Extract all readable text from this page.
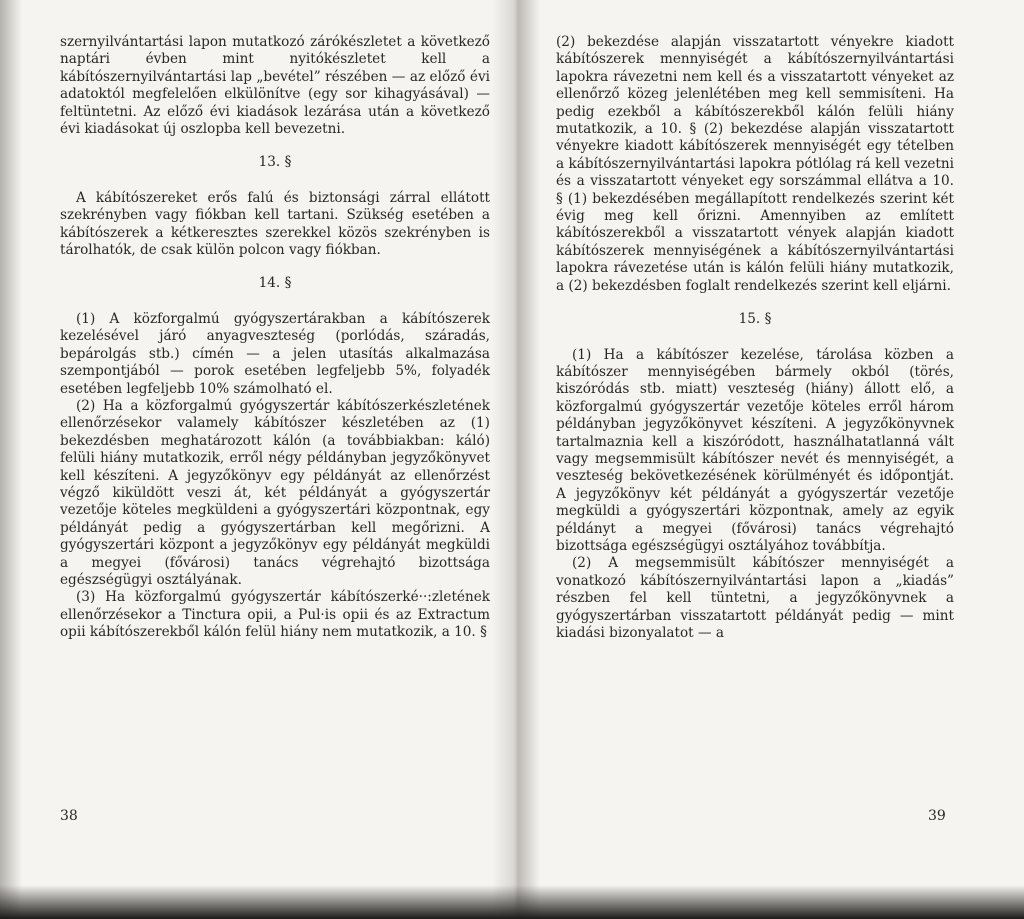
szernyilvántartási lapon mutatkozó zárókészletet a következő naptári évben mint nyitókészletet kell a kábítószernyilvántartási lap „bevétel” részében — az előző évi adatoktól megfelelően elkülönítve (egy sor kihagyásával) — feltüntetni. Az előző évi kiadások lezárása után a következő évi kiadásokat új oszlopba kell bevezetni.

13. §

A kábítószereket erős falú és biztonsági zárral ellátott szekrényben vagy fiókban kell tartani. Szükség esetében a kábítószerek a kétkeresztes szerekkel közös szekrényben is tárolhatók, de csak külön polcon vagy fiókban.

14. §

(1) A közforgalmú gyógyszertárakban a kábítószerek kezelésével járó anyagveszteség (porlódás, száradás, bepárolgás stb.) címén — a jelen utasítás alkalmazása szempontjából — porok esetében legfeljebb 5%, folyadék esetében legfeljebb 10% számolható el.

(2) Ha a közforgalmú gyógyszertár kábítószerkészletének ellenőrzésekor valamely kábítószer készletében az (1) bekezdésben meghatározott kálón (a továbbiakban: káló) felüli hiány mutatkozik, erről négy példányban jegyzőkönyvet kell készíteni. A jegyzőkönyv egy példányát az ellenőrzést végző kiküldött veszi át, két példányát a gyógyszertár vezetője köteles megküldeni a gyógyszertári központnak, egy példányát pedig a gyógyszertárban kell megőrizni. A gyógyszertári központ a jegyzőkönyv egy példányát megküldi a megyei (fővárosi) tanács végrehajtó bizottsága egészségügyi osztályának.

(3) Ha közforgalmú gyógyszertár kábítószerké··:zletének ellenőrzésekor a Tinctura opii, a Pul·is opii és az Extractum opii kábítószerekből kálón felül hiány nem mutatkozik, a 10. §

(2) bekezdése alapján visszatartott vényekre kiadott kábítószerek mennyiségét a kábítószernyilvántartási lapokra rávezetni nem kell és a visszatartott vényeket az ellenőrző közeg jelenlétében meg kell semmisíteni. Ha pedig ezekből a kábítószerekből kálón felüli hiány mutatkozik, a 10. § (2) bekezdése alapján visszatartott vényekre kiadott kábítószerek mennyiségét egy tételben a kábítószernyilvántartási lapokra pótlólag rá kell vezetni és a visszatartott vényeket egy sorszámmal ellátva a 10. § (1) bekezdésében megállapított rendelkezés szerint két évig meg kell őrizni. Amennyiben az említett kábítószerekből a visszatartott vények alapján kiadott kábítószerek mennyiségének a kábítószernyilvántartási lapokra rávezetése után is kálón felüli hiány mutatkozik, a (2) bekezdésben foglalt rendelkezés szerint kell eljárni.

15. §

(1) Ha a kábítószer kezelése, tárolása közben a kábítószer mennyiségében bármely okból (törés, kiszóródás stb. miatt) veszteség (hiány) állott elő, a közforgalmú gyógyszertár vezetője köteles erről három példányban jegyzőkönyvet készíteni. A jegyzőkönyvnek tartalmaznia kell a kiszóródott, használhatatlanná vált vagy megsemmisült kábítószer nevét és mennyiségét, a veszteség bekövetkezésének körülményét és időpontját. A jegyzőkönyv két példányát a gyógyszertár vezetője megküldi a gyógyszertári központnak, amely az egyik példányt a megyei (fővárosi) tanács végrehajtó bizottsága egészségügyi osztályához továbbítja.

(2) A megsemmisült kábítószer mennyiségét a vonatkozó kábítószernyilvántartási lapon a „kiadás” részben fel kell tüntetni, a jegyzőkönyvnek a gyógyszertárban visszatartott példányát pedig — mint kiadási bizonyalatot — a

38	39
